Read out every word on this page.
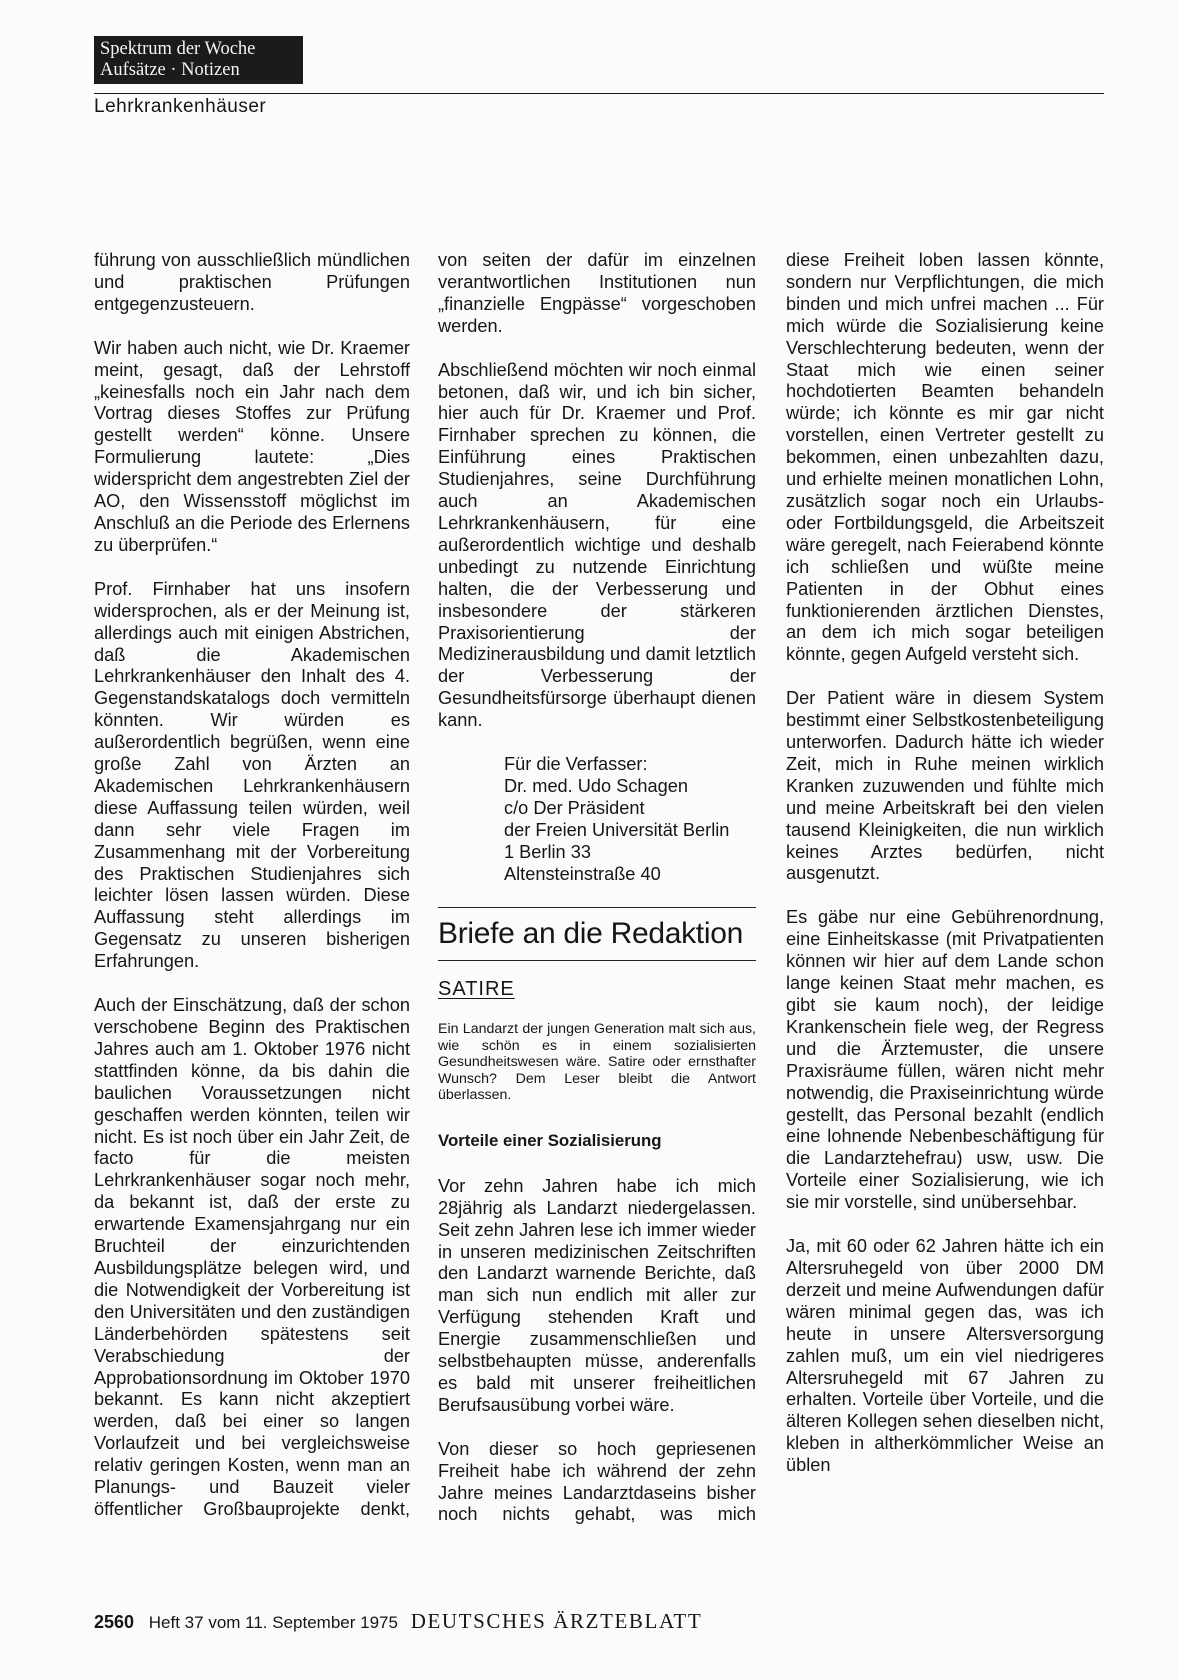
Spektrum der Woche
Aufsätze · Notizen
Lehrkrankenhäuser

führung von ausschließlich mündlichen und praktischen Prüfungen entgegenzusteuern.

Wir haben auch nicht, wie Dr. Kraemer meint, gesagt, daß der Lehrstoff „keinesfalls noch ein Jahr nach dem Vortrag dieses Stoffes zur Prüfung gestellt werden“ könne. Unsere Formulierung lautete: „Dies widerspricht dem angestrebten Ziel der AO, den Wissensstoff möglichst im Anschluß an die Periode des Erlernens zu überprüfen.“

Prof. Firnhaber hat uns insofern widersprochen, als er der Meinung ist, allerdings auch mit einigen Abstrichen, daß die Akademischen Lehrkrankenhäuser den Inhalt des 4. Gegenstandskatalogs doch vermitteln könnten. Wir würden es außerordentlich begrüßen, wenn eine große Zahl von Ärzten an Akademischen Lehrkrankenhäusern diese Auffassung teilen würden, weil dann sehr viele Fragen im Zusammenhang mit der Vorbereitung des Praktischen Studienjahres sich leichter lösen lassen würden. Diese Auffassung steht allerdings im Gegensatz zu unseren bisherigen Erfahrungen.

Auch der Einschätzung, daß der schon verschobene Beginn des Praktischen Jahres auch am 1. Oktober 1976 nicht stattfinden könne, da bis dahin die baulichen Voraussetzungen nicht geschaffen werden könnten, teilen wir nicht. Es ist noch über ein Jahr Zeit, de facto für die meisten Lehrkrankenhäuser sogar noch mehr, da bekannt ist, daß der erste zu erwartende Examensjahrgang nur ein Bruchteil der einzurichtenden Ausbildungsplätze belegen wird, und die Notwendigkeit der Vorbereitung ist den Universitäten und den zuständigen Länderbehörden spätestens seit Verabschiedung der Approbationsordnung im Oktober 1970 bekannt. Es kann nicht akzeptiert werden, daß bei einer so langen Vorlaufzeit und bei vergleichsweise relativ geringen Kosten, wenn man an Planungs- und Bauzeit vieler öffentlicher Großbauprojekte denkt,

von seiten der dafür im einzelnen verantwortlichen Institutionen nun „finanzielle Engpässe“ vorgeschoben werden.

Abschließend möchten wir noch einmal betonen, daß wir, und ich bin sicher, hier auch für Dr. Kraemer und Prof. Firnhaber sprechen zu können, die Einführung eines Praktischen Studienjahres, seine Durchführung auch an Akademischen Lehrkrankenhäusern, für eine außerordentlich wichtige und deshalb unbedingt zu nutzende Einrichtung halten, die der Verbesserung und insbesondere der stärkeren Praxisorientierung der Medizinerausbildung und damit letztlich der Verbesserung der Gesundheitsfürsorge überhaupt dienen kann.

Für die Verfasser:
Dr. med. Udo Schagen
c/o Der Präsident
der Freien Universität Berlin
1 Berlin 33
Altensteinstraße 40
Briefe an die Redaktion
SATIRE
Ein Landarzt der jungen Generation malt sich aus, wie schön es in einem sozialisierten Gesundheitswesen wäre. Satire oder ernsthafter Wunsch? Dem Leser bleibt die Antwort überlassen.
Vorteile einer Sozialisierung

Vor zehn Jahren habe ich mich 28jährig als Landarzt niedergelassen. Seit zehn Jahren lese ich immer wieder in unseren medizinischen Zeitschriften den Landarzt warnende Berichte, daß man sich nun endlich mit aller zur Verfügung stehenden Kraft und Energie zusammenschließen und selbstbehaupten müsse, anderenfalls es bald mit unserer freiheitlichen Berufsausübung vorbei wäre.

Von dieser so hoch gepriesenen Freiheit habe ich während der zehn Jahre meines Landarztdaseins bisher noch nichts gehabt, was mich

diese Freiheit loben lassen könnte, sondern nur Verpflichtungen, die mich binden und mich unfrei machen ... Für mich würde die Sozialisierung keine Verschlechterung bedeuten, wenn der Staat mich wie einen seiner hochdotierten Beamten behandeln würde; ich könnte es mir gar nicht vorstellen, einen Vertreter gestellt zu bekommen, einen unbezahlten dazu, und erhielte meinen monatlichen Lohn, zusätzlich sogar noch ein Urlaubs- oder Fortbildungsgeld, die Arbeitszeit wäre geregelt, nach Feierabend könnte ich schließen und wüßte meine Patienten in der Obhut eines funktionierenden ärztlichen Dienstes, an dem ich mich sogar beteiligen könnte, gegen Aufgeld versteht sich.

Der Patient wäre in diesem System bestimmt einer Selbstkostenbeteiligung unterworfen. Dadurch hätte ich wieder Zeit, mich in Ruhe meinen wirklich Kranken zuzuwenden und fühlte mich und meine Arbeitskraft bei den vielen tausend Kleinigkeiten, die nun wirklich keines Arztes bedürfen, nicht ausgenutzt.

Es gäbe nur eine Gebührenordnung, eine Einheitskasse (mit Privatpatienten können wir hier auf dem Lande schon lange keinen Staat mehr machen, es gibt sie kaum noch), der leidige Krankenschein fiele weg, der Regress und die Ärztemuster, die unsere Praxisräume füllen, wären nicht mehr notwendig, die Praxiseinrichtung würde gestellt, das Personal bezahlt (endlich eine lohnende Nebenbeschäftigung für die Landarztehefrau) usw, usw. Die Vorteile einer Sozialisierung, wie ich sie mir vorstelle, sind unübersehbar.

Ja, mit 60 oder 62 Jahren hätte ich ein Altersruhegeld von über 2000 DM derzeit und meine Aufwendungen dafür wären minimal gegen das, was ich heute in unsere Altersversorgung zahlen muß, um ein viel niedrigeres Altersruhegeld mit 67 Jahren zu erhalten. Vorteile über Vorteile, und die älteren Kollegen sehen dieselben nicht, kleben in altherkömmlicher Weise an üblen

2560 Heft 37 vom 11. September 1975 DEUTSCHES ÄRZTEBLATT
